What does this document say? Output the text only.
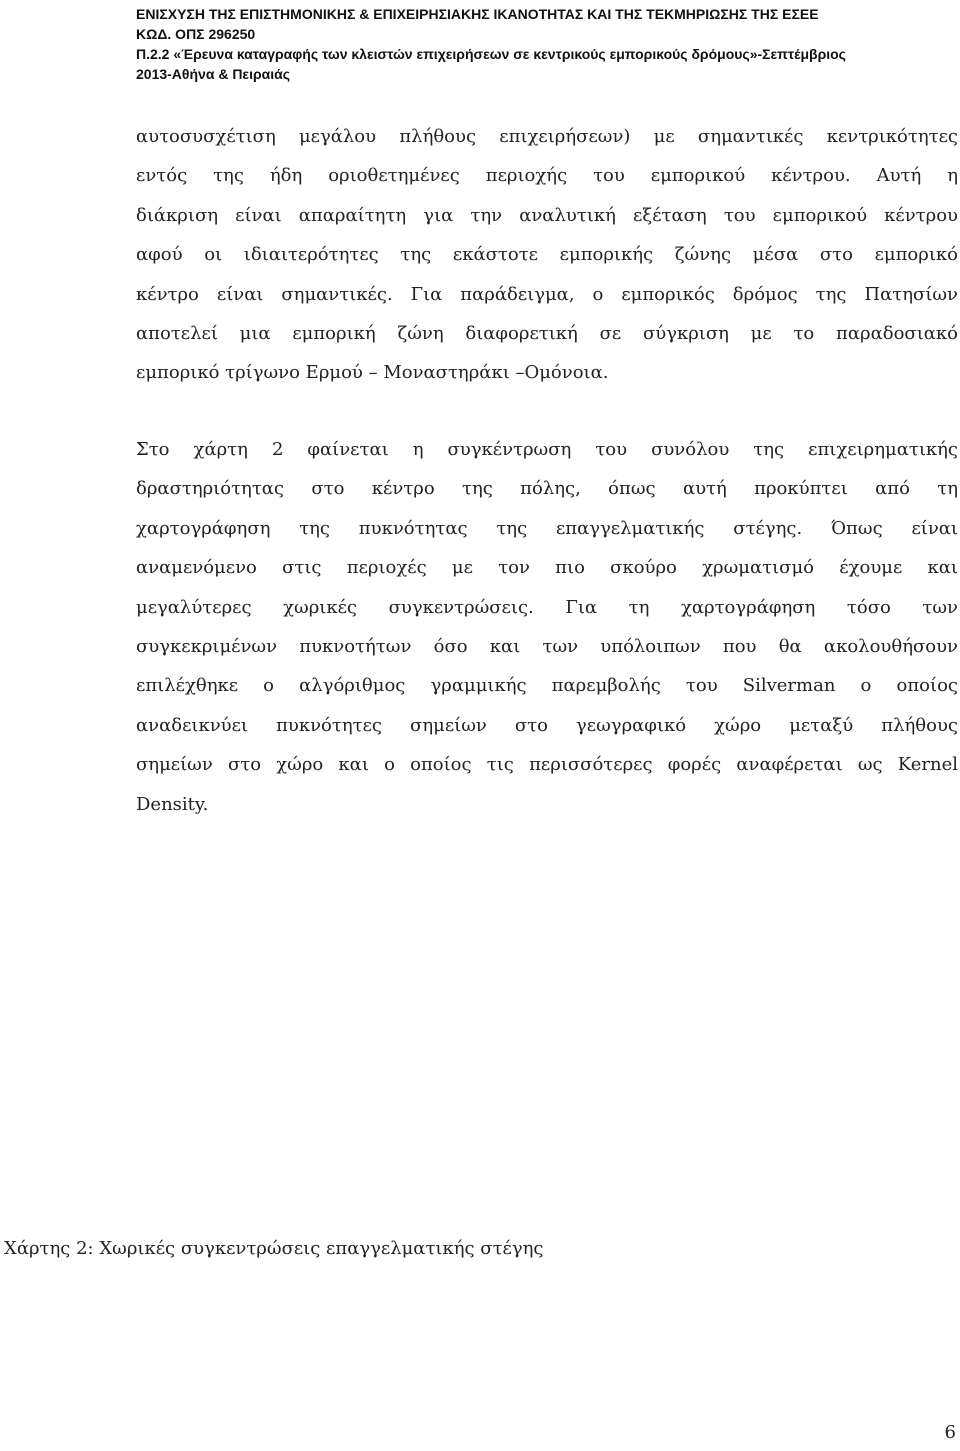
ΕΝΙΣΧΥΣΗ ΤΗΣ ΕΠΙΣΤΗΜΟΝΙΚΗΣ & ΕΠΙΧΕΙΡΗΣΙΑΚΗΣ ΙΚΑΝΟΤΗΤΑΣ ΚΑΙ ΤΗΣ ΤΕΚΜΗΡΙΩΣΗΣ ΤΗΣ ΕΣΕΕ
ΚΩΔ. ΟΠΣ 296250
Π.2.2 «Έρευνα καταγραφής των κλειστών επιχειρήσεων σε κεντρικούς εμπορικούς δρόμους»-Σεπτέμβριος
2013-Αθήνα & Πειραιάς
αυτοσυσχέτιση μεγάλου πλήθους επιχειρήσεων) με σημαντικές κεντρικότητες
εντός της ήδη οριοθετημένες περιοχής του εμπορικού κέντρου. Αυτή η
διάκριση είναι απαραίτητη για την αναλυτική εξέταση του εμπορικού κέντρου
αφού οι ιδιαιτερότητες της εκάστοτε εμπορικής ζώνης μέσα στο εμπορικό
κέντρο είναι σημαντικές. Για παράδειγμα, ο εμπορικός δρόμος της Πατησίων
αποτελεί μια εμπορική ζώνη διαφορετική σε σύγκριση με το παραδοσιακό
εμπορικό τρίγωνο Ερμού – Μοναστηράκι –Ομόνοια.
Στο χάρτη 2 φαίνεται η συγκέντρωση του συνόλου της επιχειρηματικής
δραστηριότητας στο κέντρο της πόλης, όπως αυτή προκύπτει από τη
χαρτογράφηση της πυκνότητας της επαγγελματικής στέγης. Όπως είναι
αναμενόμενο στις περιοχές με τον πιο σκούρο χρωματισμό έχουμε και
μεγαλύτερες χωρικές συγκεντρώσεις. Για τη χαρτογράφηση τόσο των
συγκεκριμένων πυκνοτήτων όσο και των υπόλοιπων που θα ακολουθήσουν
επιλέχθηκε ο αλγόριθμος γραμμικής παρεμβολής του Silverman ο οποίος
αναδεικνύει πυκνότητες σημείων στο γεωγραφικό χώρο μεταξύ πλήθους
σημείων στο χώρο και ο οποίος τις περισσότερες φορές αναφέρεται ως Kernel
Density.
Χάρτης 2: Χωρικές συγκεντρώσεις επαγγελματικής στέγης
6
